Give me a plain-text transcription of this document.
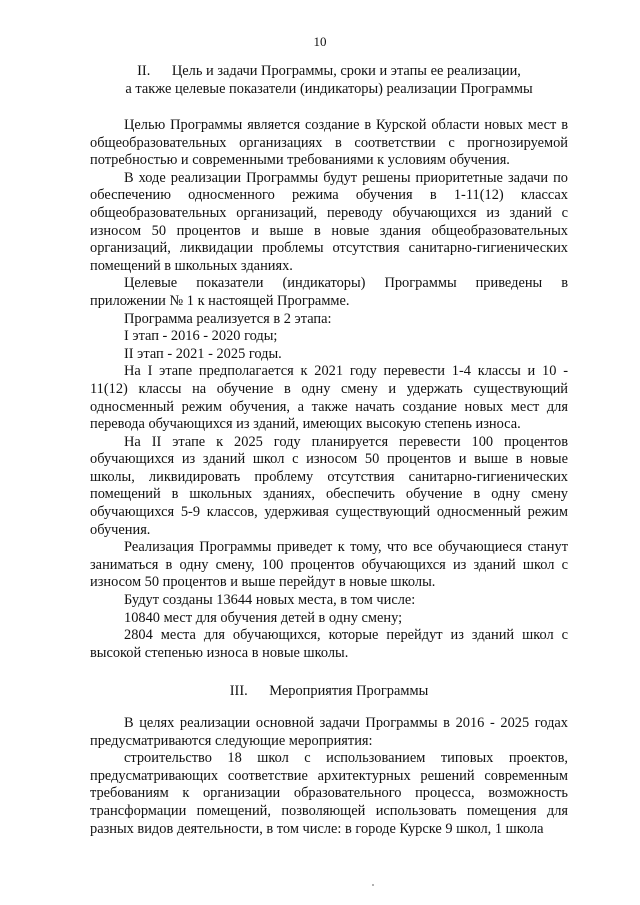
10

II.      Цель и задачи Программы, сроки и этапы ее реализации,

а также целевые показатели (индикаторы) реализации Программы

Целью Программы является создание в Курской области новых мест в общеобразовательных организациях в соответствии с прогнозируемой потребностью и современными требованиями к условиям обучения.

В ходе реализации Программы будут решены приоритетные задачи по обеспечению односменного режима обучения в 1-11(12) классах общеобразовательных организаций, переводу обучающихся из зданий с износом 50 процентов и выше в новые здания общеобразовательных организаций, ликвидации проблемы отсутствия санитарно-гигиенических помещений в школьных зданиях.

Целевые показатели (индикаторы) Программы приведены в приложении № 1 к настоящей Программе.

Программа реализуется в 2 этапа:

I этап - 2016 - 2020 годы;

II этап - 2021 - 2025 годы.

На I этапе предполагается к 2021 году перевести 1-4 классы и 10 - 11(12) классы на обучение в одну смену и удержать существующий односменный режим обучения, а также начать создание новых мест для перевода обучающихся из зданий, имеющих высокую степень износа.

На II этапе к 2025 году планируется перевести 100 процентов обучающихся из зданий школ с износом 50 процентов и выше в новые школы, ликвидировать проблему отсутствия санитарно-гигиенических помещений в школьных зданиях, обеспечить обучение в одну смену обучающихся 5-9 классов, удерживая существующий односменный режим обучения.

Реализация Программы приведет к тому, что все обучающиеся станут заниматься в одну смену, 100 процентов обучающихся из зданий школ с износом 50 процентов и выше перейдут в новые школы.

Будут созданы 13644 новых места, в том числе:

10840 мест для обучения детей в одну смену;

2804 места для обучающихся, которые перейдут из зданий школ с высокой степенью износа в новые школы.

III.      Мероприятия Программы

В целях реализации основной задачи Программы в 2016 - 2025 годах предусматриваются следующие мероприятия:

строительство 18 школ с использованием типовых проектов, предусматривающих соответствие архитектурных решений современным требованиям к организации образовательного процесса, возможность трансформации помещений, позволяющей использовать помещения для разных видов деятельности, в том числе: в городе Курске 9 школ, 1 школа
